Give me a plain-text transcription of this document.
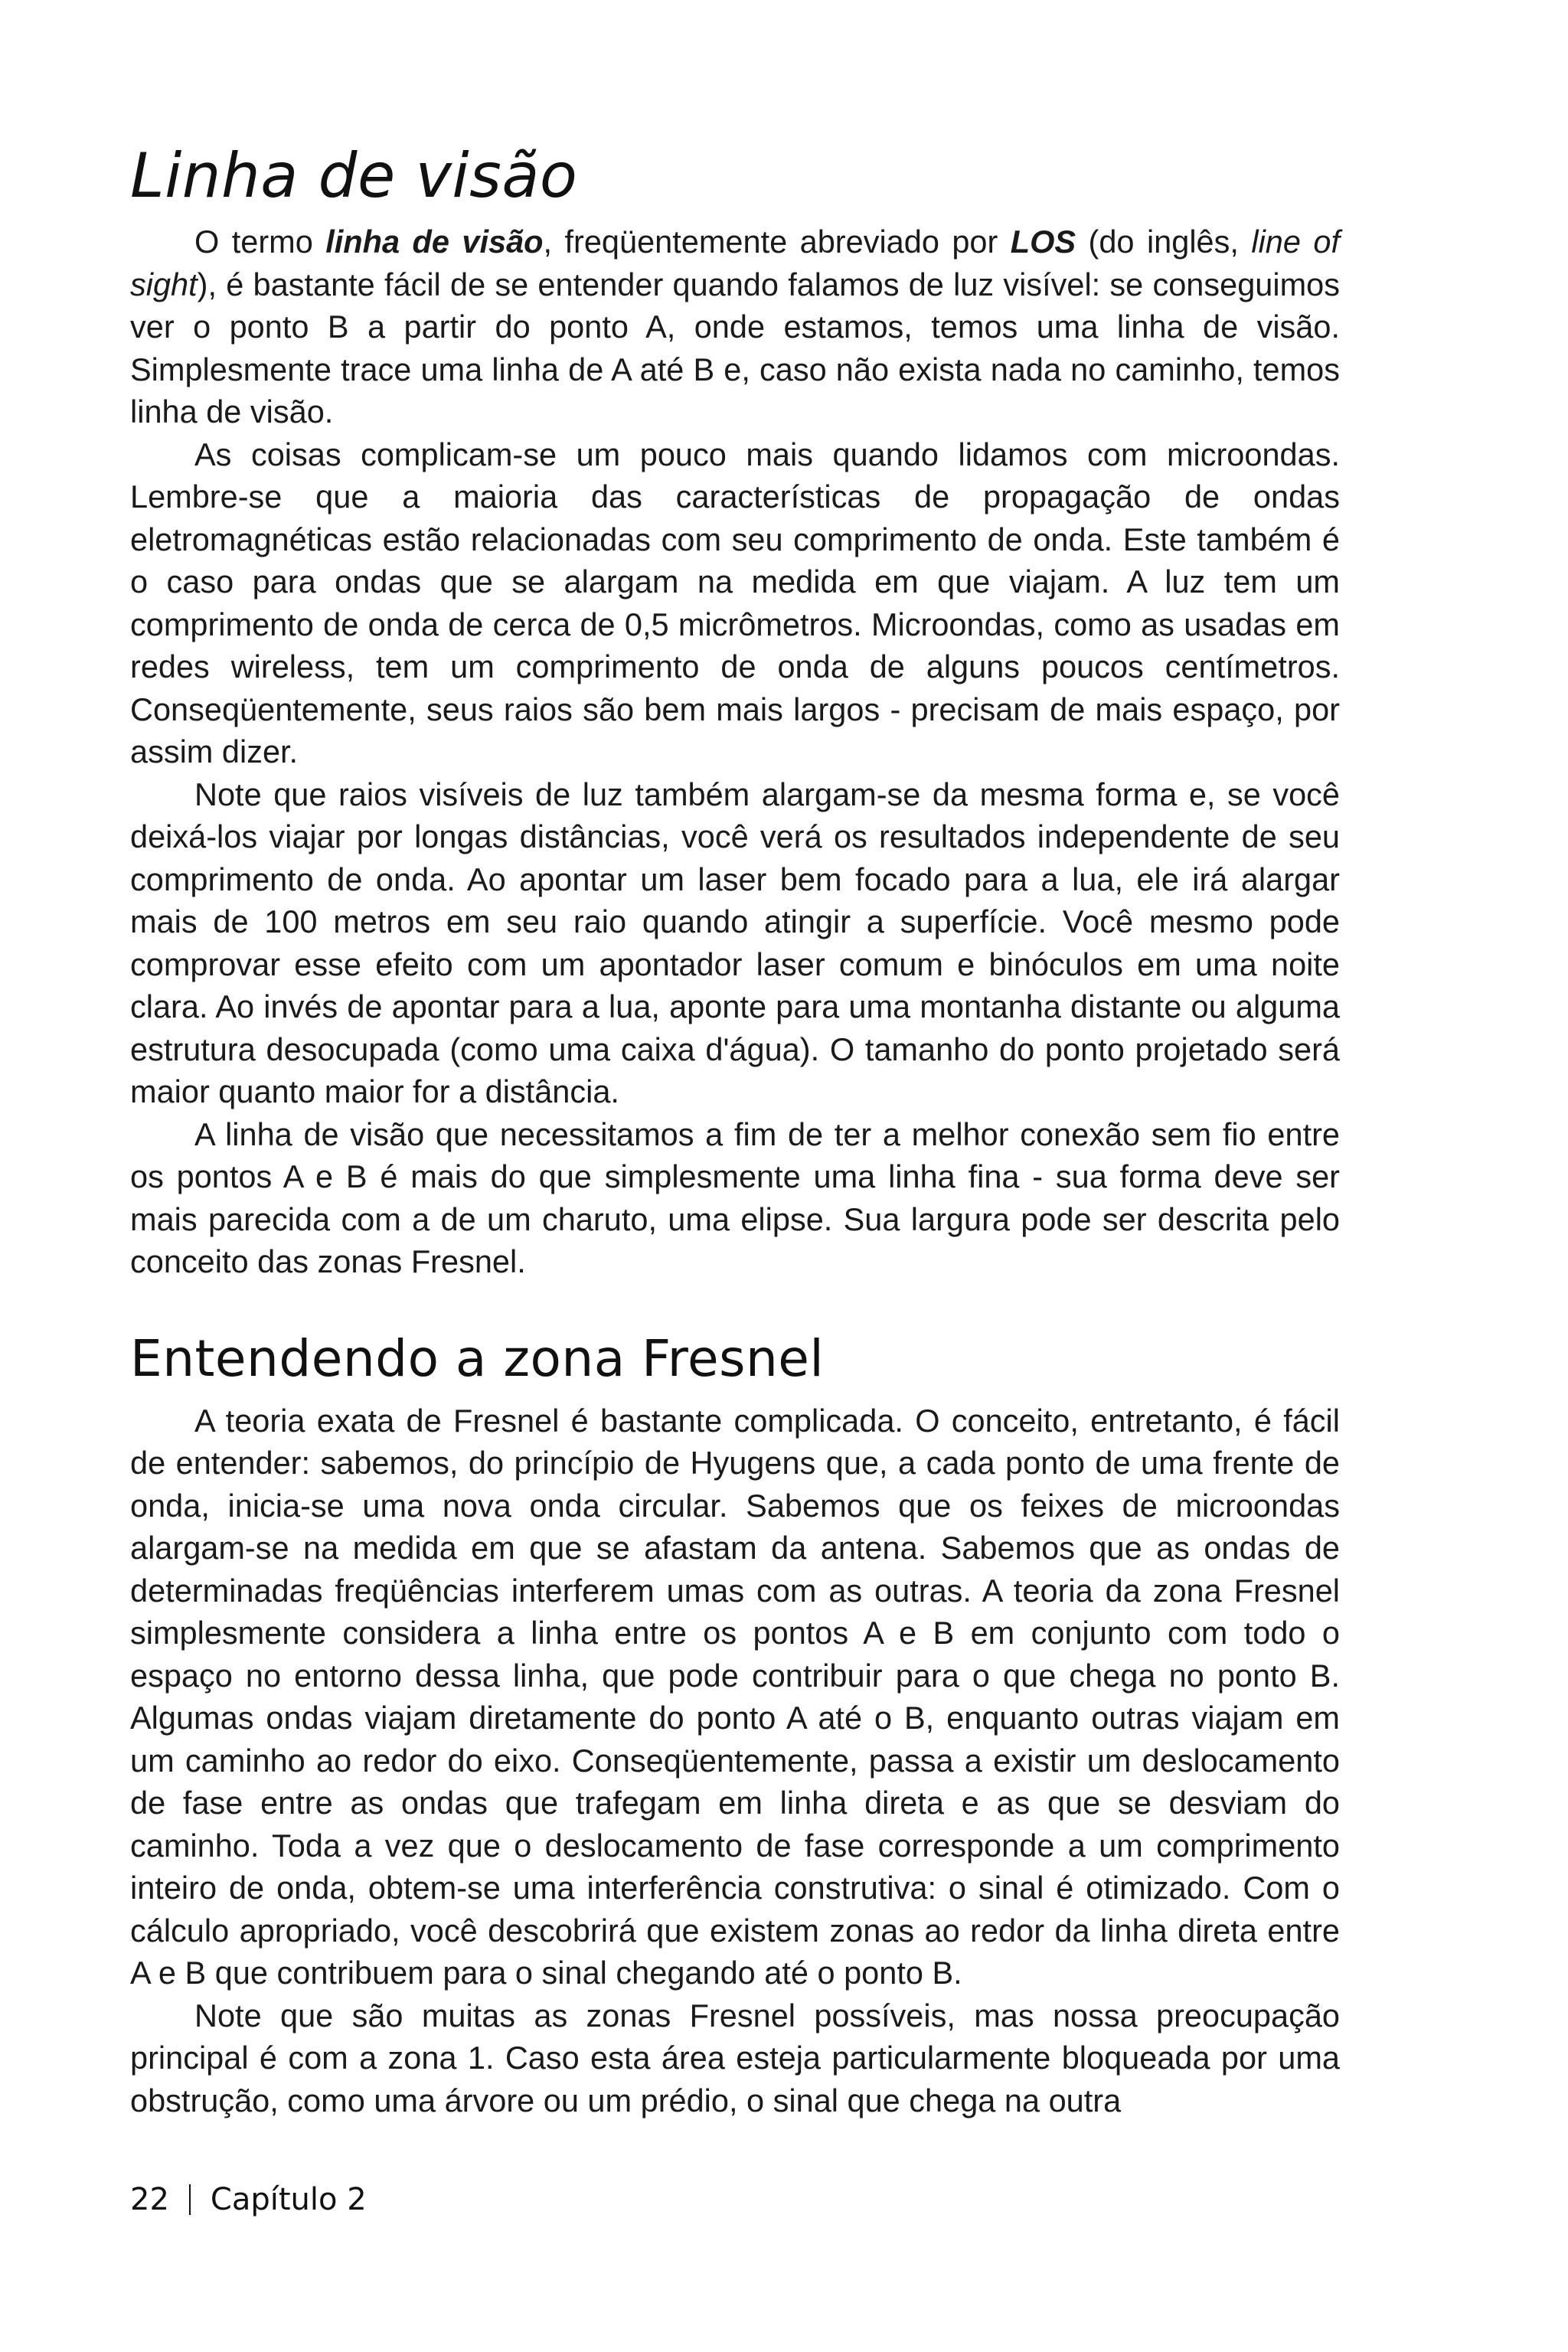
Linha de visão

O termo linha de visão, freqüentemente abreviado por LOS (do inglês, line of sight), é bastante fácil de se entender quando falamos de luz visível: se conseguimos ver o ponto B a partir do ponto A, onde estamos, temos uma linha de visão. Simplesmente trace uma linha de A até B e, caso não exista nada no caminho, temos linha de visão.

As coisas complicam-se um pouco mais quando lidamos com microondas. Lembre-se que a maioria das características de propagação de ondas eletromagnéticas estão relacionadas com seu comprimento de onda. Este também é o caso para ondas que se alargam na medida em que viajam. A luz tem um comprimento de onda de cerca de 0,5 micrômetros. Microondas, como as usadas em redes wireless, tem um comprimento de onda de alguns poucos centímetros. Conseqüentemente, seus raios são bem mais largos - precisam de mais espaço, por assim dizer.

Note que raios visíveis de luz também alargam-se da mesma forma e, se você deixá-los viajar por longas distâncias, você verá os resultados independente de seu comprimento de onda. Ao apontar um laser bem focado para a lua, ele irá alargar mais de 100 metros em seu raio quando atingir a superfície. Você mesmo pode comprovar esse efeito com um apontador laser comum e binóculos em uma noite clara. Ao invés de apontar para a lua, aponte para uma montanha distante ou alguma estrutura desocupada (como uma caixa d'água). O tamanho do ponto projetado será maior quanto maior for a distância.

A linha de visão que necessitamos a fim de ter a melhor conexão sem fio entre os pontos A e B é mais do que simplesmente uma linha fina - sua forma deve ser mais parecida com a de um charuto, uma elipse. Sua largura pode ser descrita pelo conceito das zonas Fresnel.

Entendendo a zona Fresnel

A teoria exata de Fresnel é bastante complicada. O conceito, entretanto, é fácil de entender: sabemos, do princípio de Hyugens que, a cada ponto de uma frente de onda, inicia-se uma nova onda circular. Sabemos que os feixes de microondas alargam-se na medida em que se afastam da antena. Sabemos que as ondas de determinadas freqüências interferem umas com as outras. A teoria da zona Fresnel simplesmente considera a linha entre os pontos A e B em conjunto com todo o espaço no entorno dessa linha, que pode contribuir para o que chega no ponto B. Algumas ondas viajam diretamente do ponto A até o B, enquanto outras viajam em um caminho ao redor do eixo. Conseqüentemente, passa a existir um deslocamento de fase entre as ondas que trafegam em linha direta e as que se desviam do caminho. Toda a vez que o deslocamento de fase corresponde a um comprimento inteiro de onda, obtem-se uma interferência construtiva: o sinal é otimizado. Com o cálculo apropriado, você descobrirá que existem zonas ao redor da linha direta entre A e B que contribuem para o sinal chegando até o ponto B.

Note que são muitas as zonas Fresnel possíveis, mas nossa preocupação principal é com a zona 1. Caso esta área esteja particularmente bloqueada por uma obstrução, como uma árvore ou um prédio, o sinal que chega na outra

22 Capítulo 2
